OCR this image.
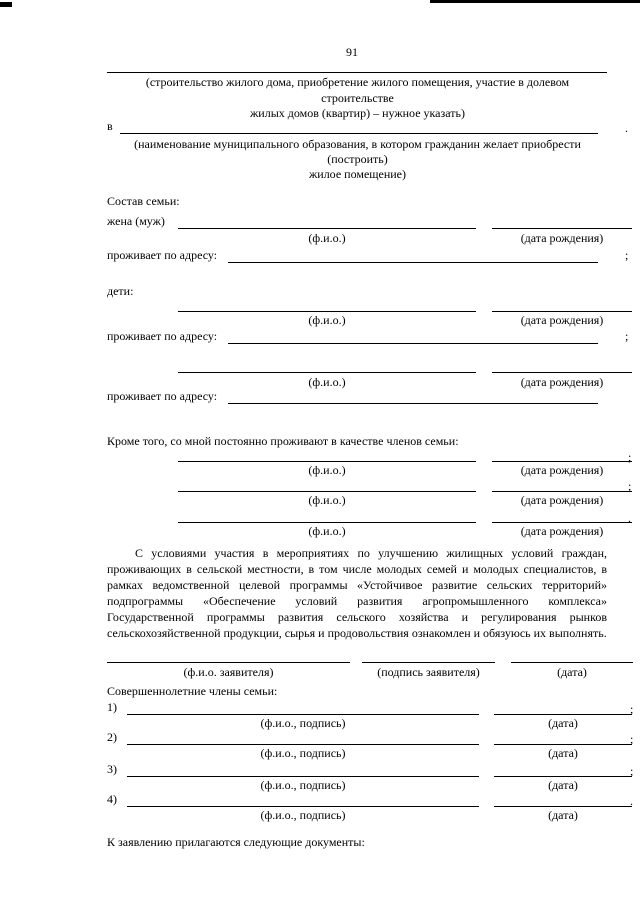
91
(строительство жилого дома, приобретение жилого помещения, участие в долевом
строительстве
жилых домов (квартир) – нужное указать)
в	.
(наименование муниципального образования, в котором гражданин желает приобрести
(построить)
жилое помещение)
Состав семьи:
жена (муж)
(ф.и.о.)	(дата рождения)
проживает по адресу:	;
дети:
(ф.и.о.)	(дата рождения)
проживает по адресу:	;
(ф.и.о.)	(дата рождения)
проживает по адресу:
Кроме того, со мной постоянно проживают в качестве членов семьи:
;
(ф.и.о.)	(дата рождения)
;
(ф.и.о.)	(дата рождения)
.
(ф.и.о.)	(дата рождения)
С условиями участия в мероприятиях по улучшению жилищных условий граждан, проживающих в сельской местности, в том числе молодых семей и молодых специалистов, в рамках ведомственной целевой программы «Устойчивое развитие сельских территорий» подпрограммы «Обеспечение условий развития агропромышленного комплекса» Государственной программы развития сельского хозяйства и регулирования рынков сельскохозяйственной продукции, сырья и продовольствия ознакомлен и обязуюсь их выполнять.
(ф.и.о. заявителя)	(подпись заявителя)	(дата)
Совершеннолетние члены семьи:
1)	;
(ф.и.о., подпись)	(дата)
2)	;
(ф.и.о., подпись)	(дата)
3)	;
(ф.и.о., подпись)	(дата)
4)	.
(ф.и.о., подпись)	(дата)
К заявлению прилагаются следующие документы:
